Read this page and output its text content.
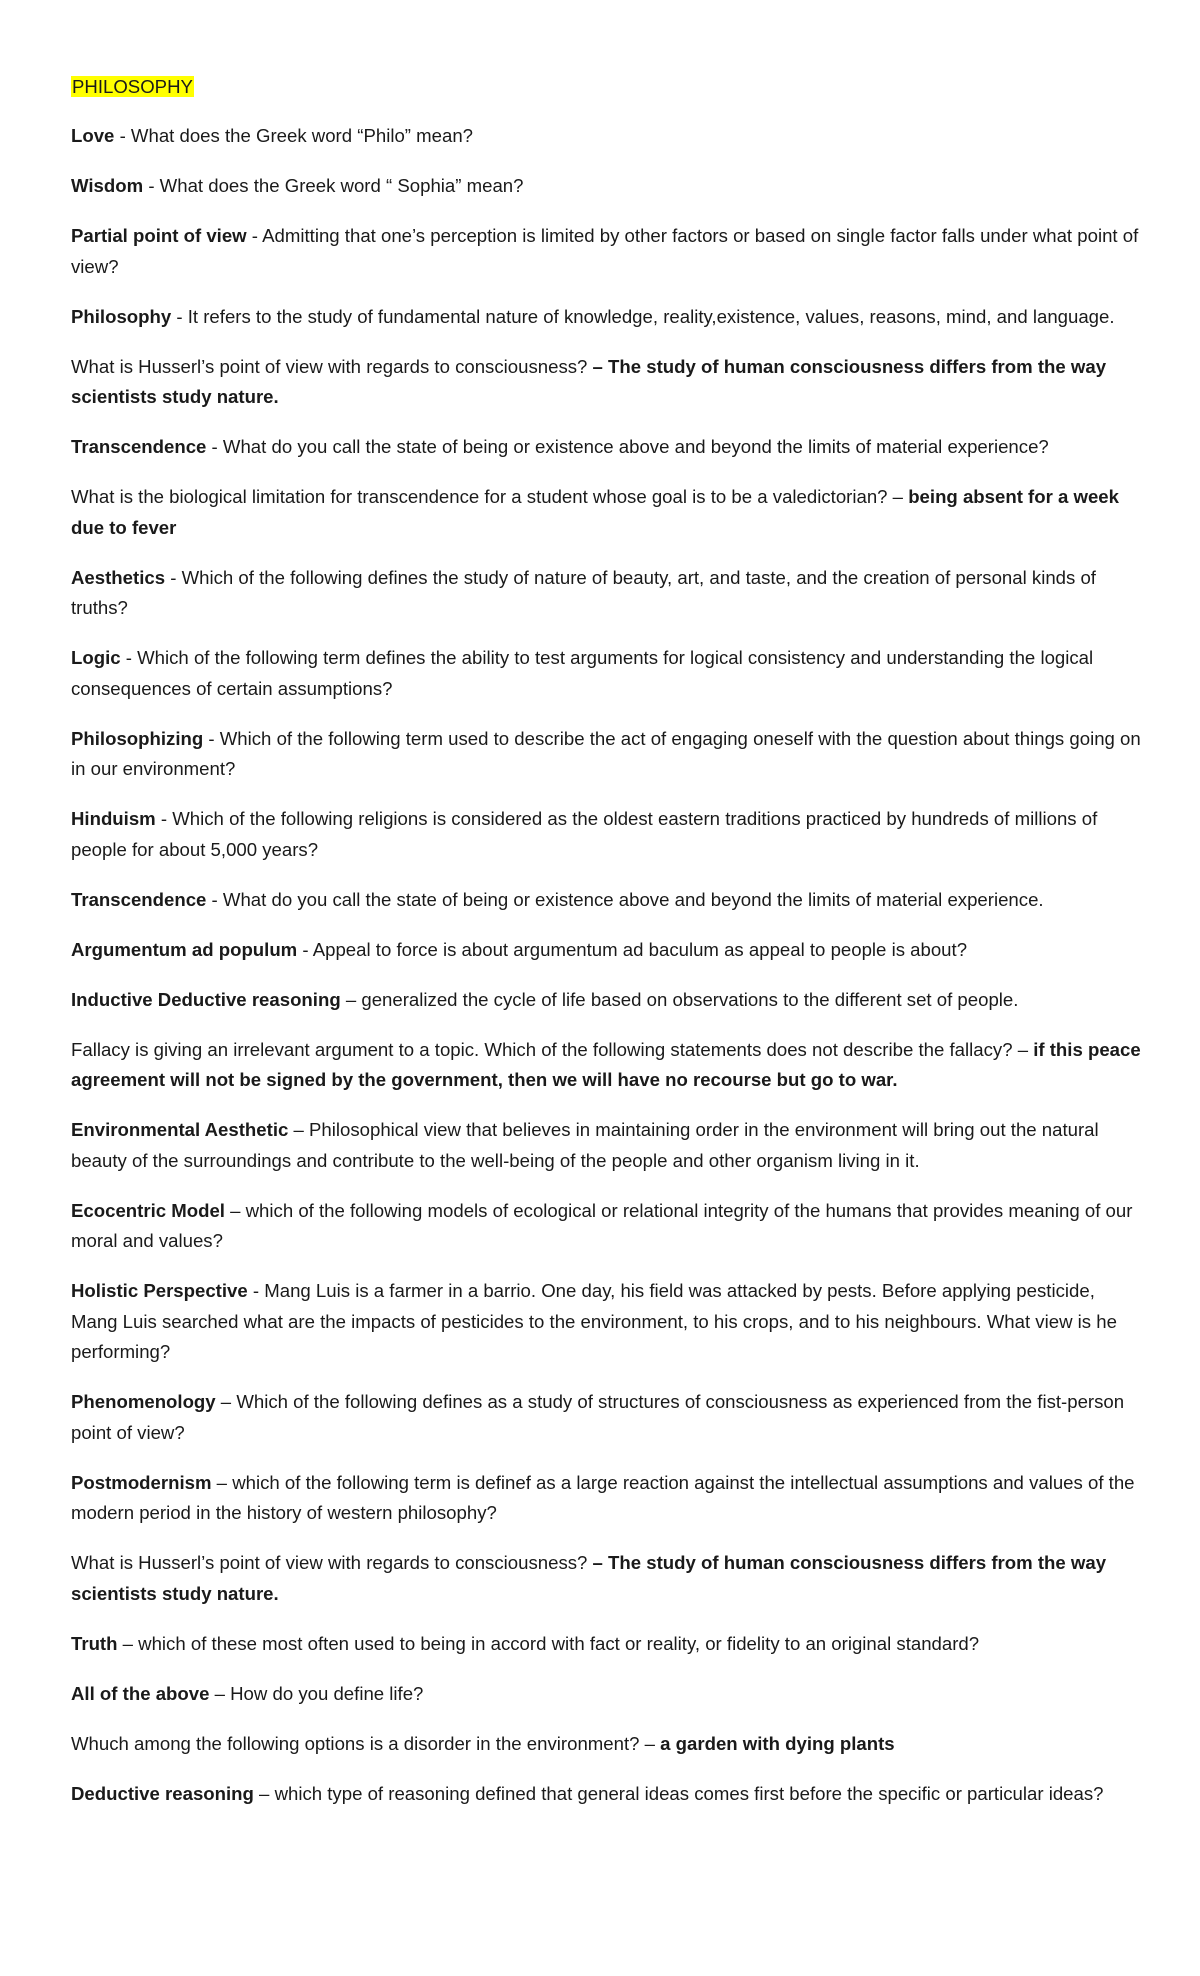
PHILOSOPHY

Love - What does the Greek word “Philo” mean?

Wisdom - What does the Greek word “ Sophia” mean?

Partial point of view - Admitting that one’s perception is limited by other factors or based on single factor falls under what point of view?

Philosophy - It refers to the study of fundamental nature of knowledge, reality,existence, values, reasons, mind, and language.

What is Husserl’s point of view with regards to consciousness? – The study of human consciousness differs from the way scientists study nature.

Transcendence - What do you call the state of being or existence above and beyond the limits of material experience?

What is the biological limitation for transcendence for a student whose goal is to be a valedictorian? – being absent for a week due to fever

Aesthetics - Which of the following defines the study of nature of beauty, art, and taste, and the creation of personal kinds of truths?

Logic - Which of the following term defines the ability to test arguments for logical consistency and understanding the logical consequences of certain assumptions?

Philosophizing - Which of the following term used to describe the act of engaging oneself with the question about things going on in our environment?

Hinduism - Which of the following religions is considered as the oldest eastern traditions practiced by hundreds of millions of people for about 5,000 years?

Transcendence - What do you call the state of being or existence above and beyond the limits of material experience.

Argumentum ad populum - Appeal to force is about argumentum ad baculum as appeal to people is about?

Inductive Deductive reasoning – generalized the cycle of life based on observations to the different set of people.

Fallacy is giving an irrelevant argument to a topic. Which of the following statements does not describe the fallacy? – if this peace agreement will not be signed by the government, then we will have no recourse but go to war.

Environmental Aesthetic – Philosophical view that believes in maintaining order in the environment will bring out the natural beauty of the surroundings and contribute to the well-being of the people and other organism living in it.

Ecocentric Model – which of the following models of ecological or relational integrity of the humans that provides meaning of our moral and values?

Holistic Perspective - Mang Luis is a farmer in a barrio. One day, his field was attacked by pests. Before applying pesticide, Mang Luis searched what are the impacts of pesticides to the environment, to his crops, and to his neighbours. What view is he performing?

Phenomenology – Which of the following defines as a study of structures of consciousness as experienced from the fist-person point of view?

Postmodernism – which of the following term is definef as a large reaction against the intellectual assumptions and values of the modern period in the history of western philosophy?

What is Husserl’s point of view with regards to consciousness? – The study of human consciousness differs from the way scientists study nature.

Truth – which of these most often used to being in accord with fact or reality, or fidelity to an original standard?

All of the above – How do you define life?

Whuch among the following options is a disorder in the environment? – a garden with dying plants

Deductive reasoning – which type of reasoning defined that general ideas comes first before the specific or particular ideas?
